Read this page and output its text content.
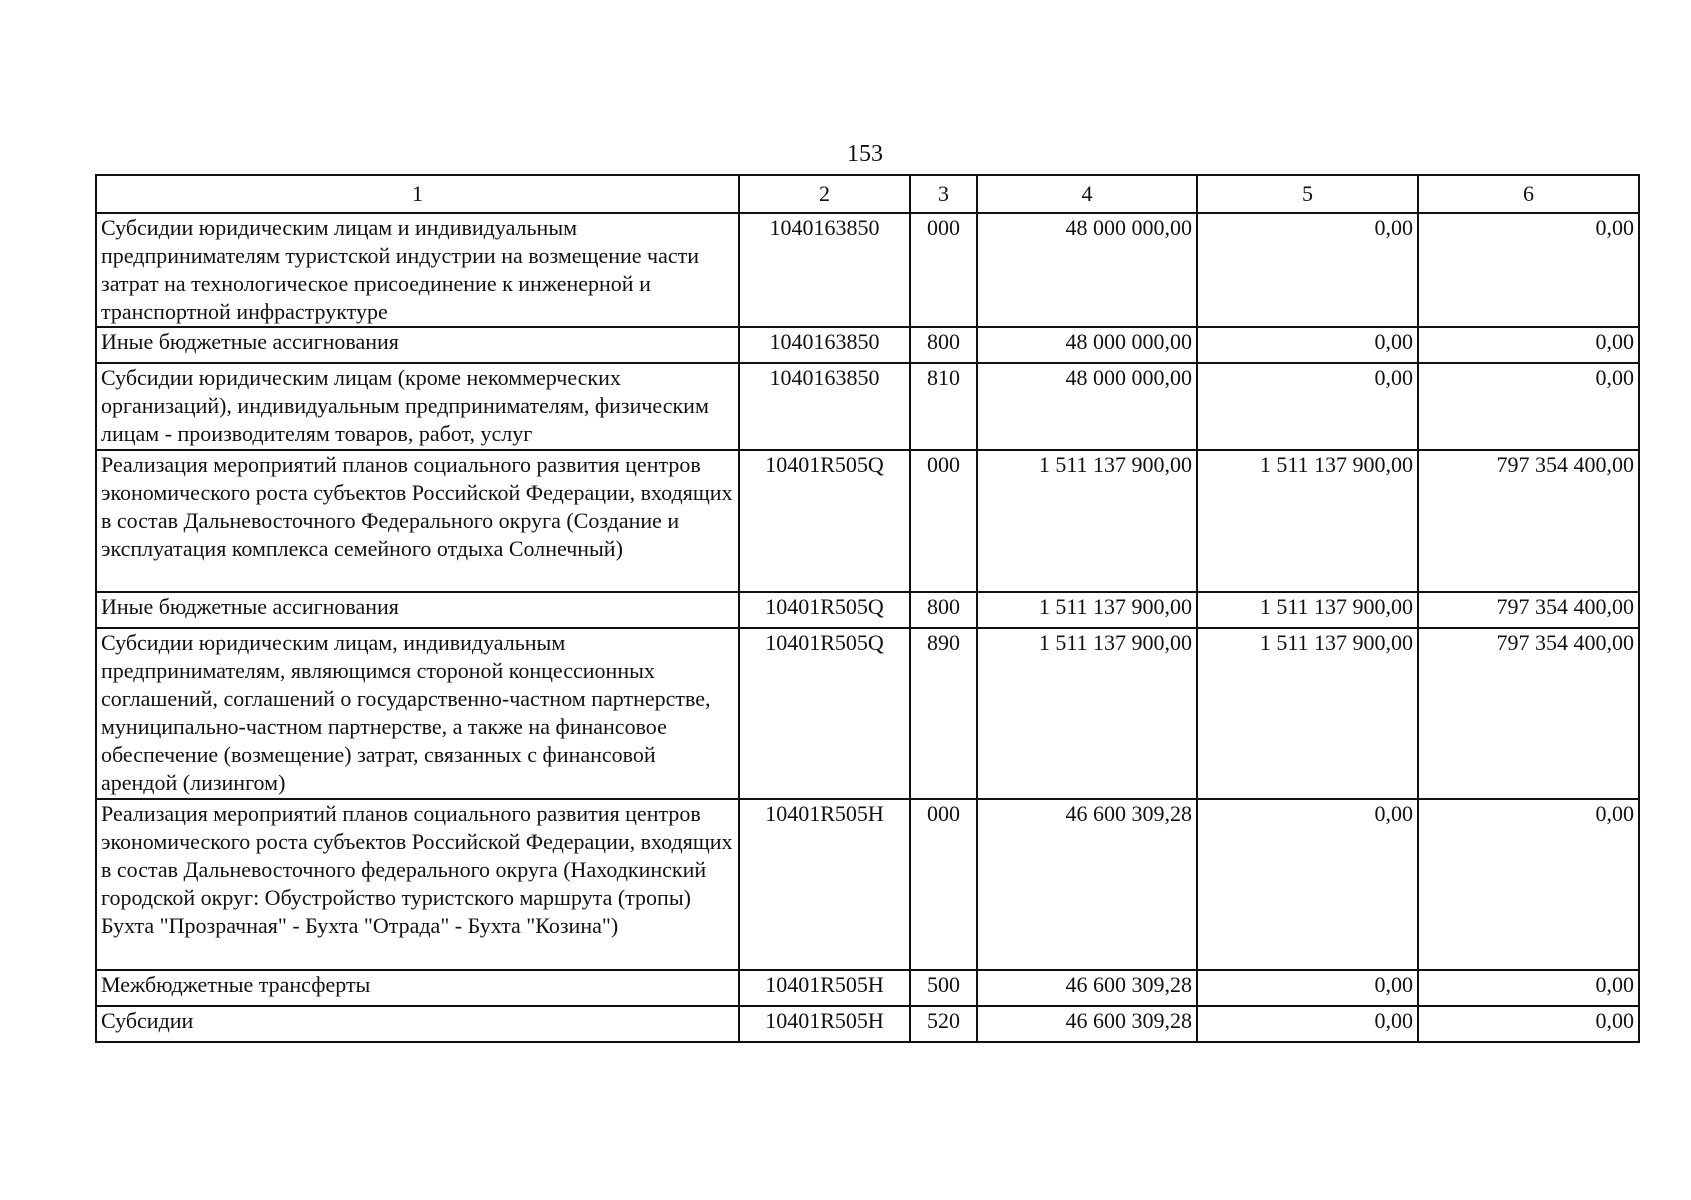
153
1	2	3	4	5	6
Субсидии юридическим лицам и индивидуальным предпринимателям туристской индустрии на возмещение части затрат на технологическое присоединение к инженерной и транспортной инфраструктуре	1040163850	000	48 000 000,00	0,00	0,00
Иные бюджетные ассигнования	1040163850	800	48 000 000,00	0,00	0,00
Субсидии юридическим лицам (кроме некоммерческих организаций), индивидуальным предпринимателям, физическим лицам - производителям товаров, работ, услуг	1040163850	810	48 000 000,00	0,00	0,00
Реализация мероприятий планов социального развития центров экономического роста субъектов Российской Федерации, входящих в состав Дальневосточного Федерального округа (Создание и эксплуатация комплекса семейного отдыха Солнечный)	10401R505Q	000	1 511 137 900,00	1 511 137 900,00	797 354 400,00
Иные бюджетные ассигнования	10401R505Q	800	1 511 137 900,00	1 511 137 900,00	797 354 400,00
Субсидии юридическим лицам, индивидуальным предпринимателям, являющимся стороной концессионных соглашений, соглашений о государственно-частном партнерстве, муниципально-частном партнерстве, а также на финансовое обеспечение (возмещение) затрат, связанных с финансовой арендой (лизингом)	10401R505Q	890	1 511 137 900,00	1 511 137 900,00	797 354 400,00
Реализация мероприятий планов социального развития центров экономического роста субъектов Российской Федерации, входящих в состав Дальневосточного федерального округа (Находкинский городской округ: Обустройство туристского маршрута (тропы) Бухта "Прозрачная" - Бухта "Отрада" - Бухта "Козина")	10401R505H	000	46 600 309,28	0,00	0,00
Межбюджетные трансферты	10401R505H	500	46 600 309,28	0,00	0,00
Субсидии	10401R505H	520	46 600 309,28	0,00	0,00
